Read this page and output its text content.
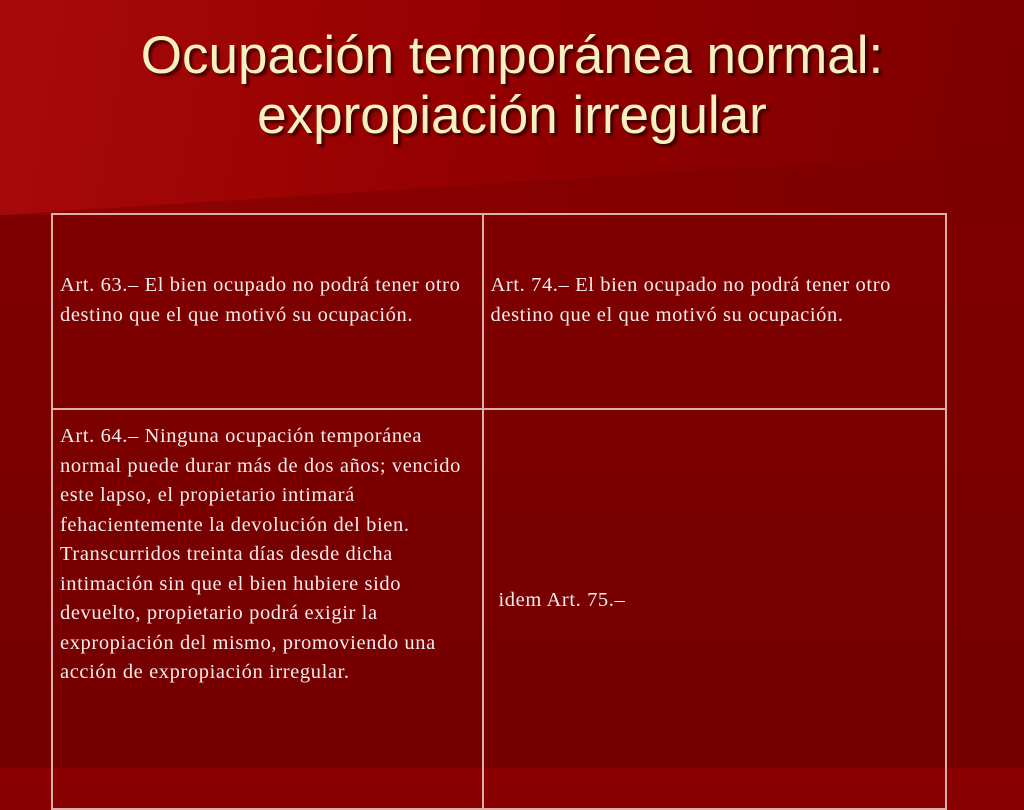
Ocupación temporánea normal:
expropiación irregular
Art. 63.– El bien ocupado no podrá tener otro destino que el que motivó su ocupación.	Art. 74.– El bien ocupado no podrá tener otro destino que el que motivó su ocupación.
Art. 64.– Ninguna ocupación temporánea normal puede durar más de dos años; vencido este lapso, el propietario intimará fehacientemente la devolución del bien. Transcurridos treinta días desde dicha intimación sin que el bien hubiere sido devuelto, propietario podrá exigir la expropiación del mismo, promoviendo una acción de expropiación irregular.	idem Art. 75.–
